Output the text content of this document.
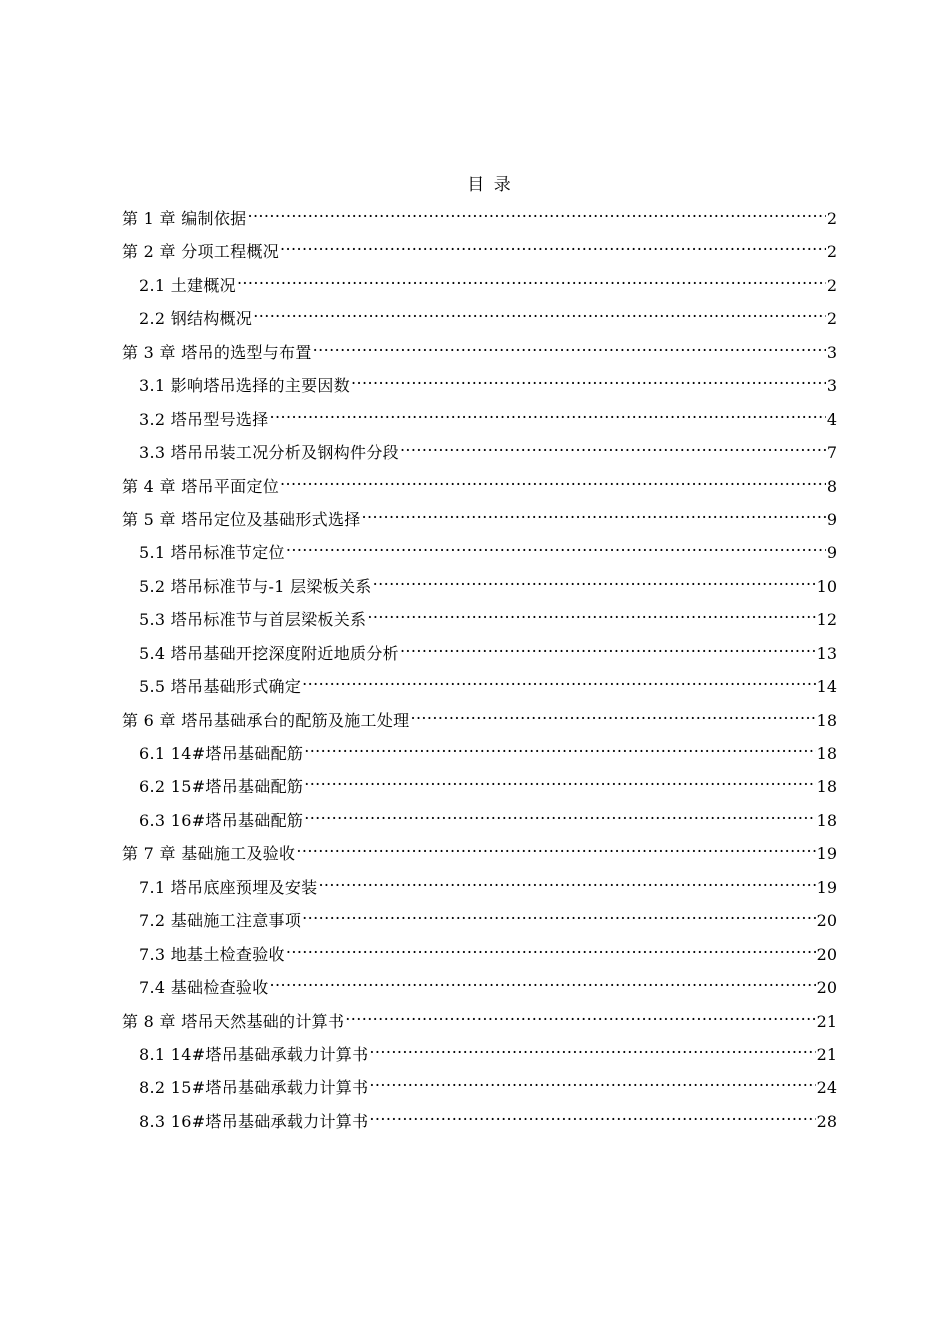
目 录
第 1 章 编制依据 .....	2
第 2 章 分项工程概况 .....	2
2.1 土建概况 .....	2
2.2 钢结构概况 .....	2
第 3 章 塔吊的选型与布置 .....	3
3.1 影响塔吊选择的主要因数 .....	3
3.2 塔吊型号选择 .....	4
3.3 塔吊吊装工况分析及钢构件分段 .....	7
第 4 章 塔吊平面定位 .....	8
第 5 章 塔吊定位及基础形式选择 .....	9
5.1 塔吊标准节定位 .....	9
5.2 塔吊标准节与-1 层梁板关系 .....	10
5.3 塔吊标准节与首层梁板关系 .....	12
5.4 塔吊基础开挖深度附近地质分析 .....	13
5.5 塔吊基础形式确定 .....	14
第 6 章 塔吊基础承台的配筋及施工处理 .....	18
6.1 14#塔吊基础配筋 .....	18
6.2 15#塔吊基础配筋 .....	18
6.3 16#塔吊基础配筋 .....	18
第 7 章 基础施工及验收 .....	19
7.1 塔吊底座预埋及安装 .....	19
7.2 基础施工注意事项 .....	20
7.3 地基土检查验收 .....	20
7.4 基础检查验收 .....	20
第 8 章 塔吊天然基础的计算书 .....	21
8.1 14#塔吊基础承载力计算书 .....	21
8.2 15#塔吊基础承载力计算书 .....	24
8.3 16#塔吊基础承载力计算书 .....	28
